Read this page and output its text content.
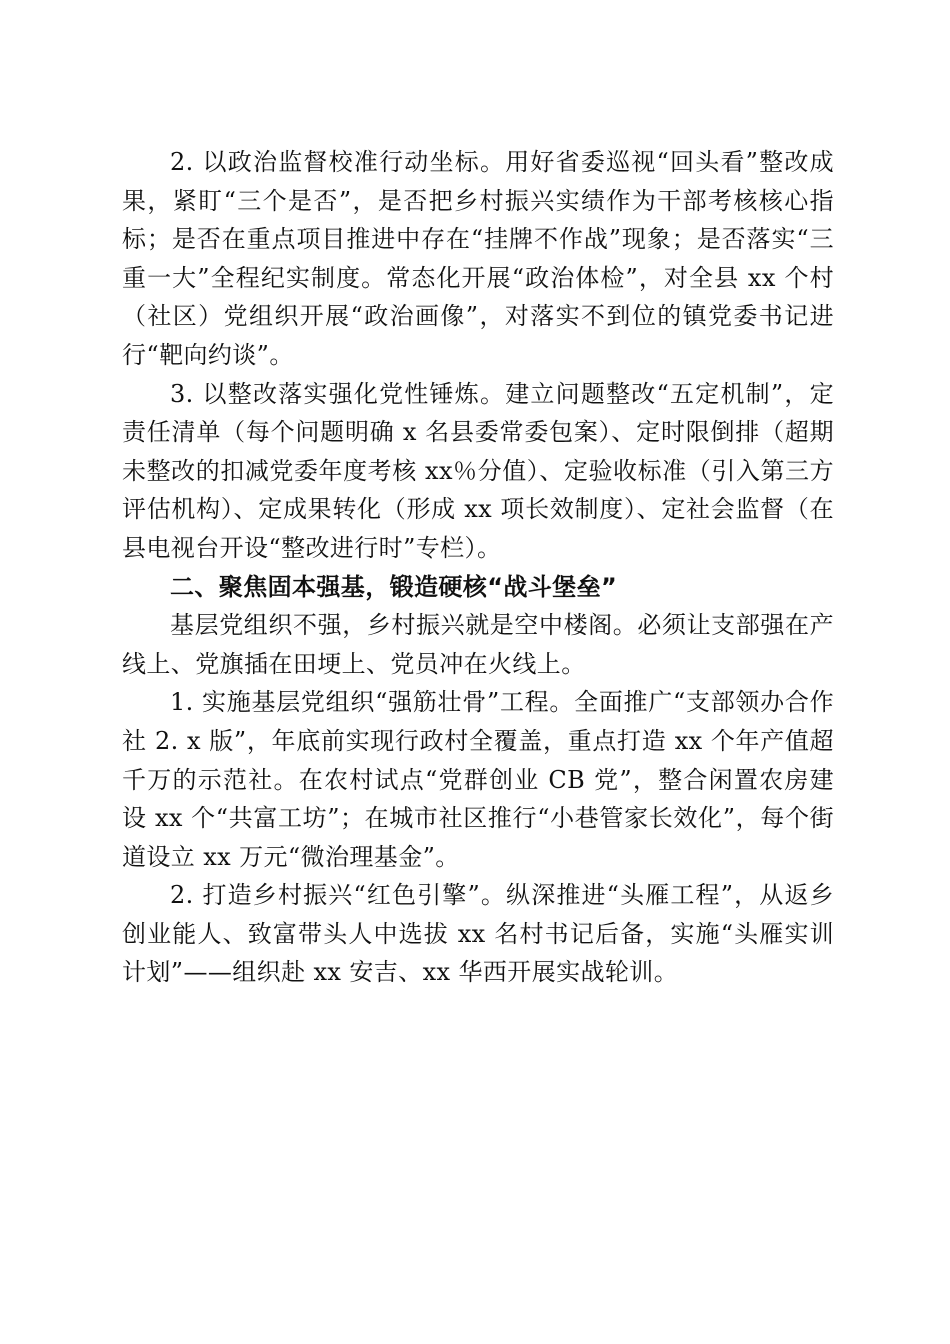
2. 以政治监督校准行动坐标。用好省委巡视“回头看”整改成果，紧盯“三个是否”，是否把乡村振兴实绩作为干部考核核心指标；是否在重点项目推进中存在“挂牌不作战”现象；是否落实“三重一大”全程纪实制度。常态化开展“政治体检”，对全县 xx 个村（社区）党组织开展“政治画像”，对落实不到位的镇党委书记进行“靶向约谈”。

3. 以整改落实强化党性锤炼。建立问题整改“五定机制”，定责任清单（每个问题明确 x 名县委常委包案）、定时限倒排（超期未整改的扣减党委年度考核 xx％分值）、定验收标准（引入第三方评估机构）、定成果转化（形成 xx 项长效制度）、定社会监督（在县电视台开设“整改进行时”专栏）。

二、聚焦固本强基，锻造硬核“战斗堡垒”

基层党组织不强，乡村振兴就是空中楼阁。必须让支部强在产线上、党旗插在田埂上、党员冲在火线上。

1. 实施基层党组织“强筋壮骨”工程。全面推广“支部领办合作社 2. x 版”，年底前实现行政村全覆盖，重点打造 xx 个年产值超千万的示范社。在农村试点“党群创业 CB 党”，整合闲置农房建设 xx 个“共富工坊”；在城市社区推行“小巷管家长效化”，每个街道设立 xx 万元“微治理基金”。

2. 打造乡村振兴“红色引擎”。纵深推进“头雁工程”，从返乡创业能人、致富带头人中选拔 xx 名村书记后备，实施“头雁实训计划”——组织赴 xx 安吉、xx 华西开展实战轮训。
